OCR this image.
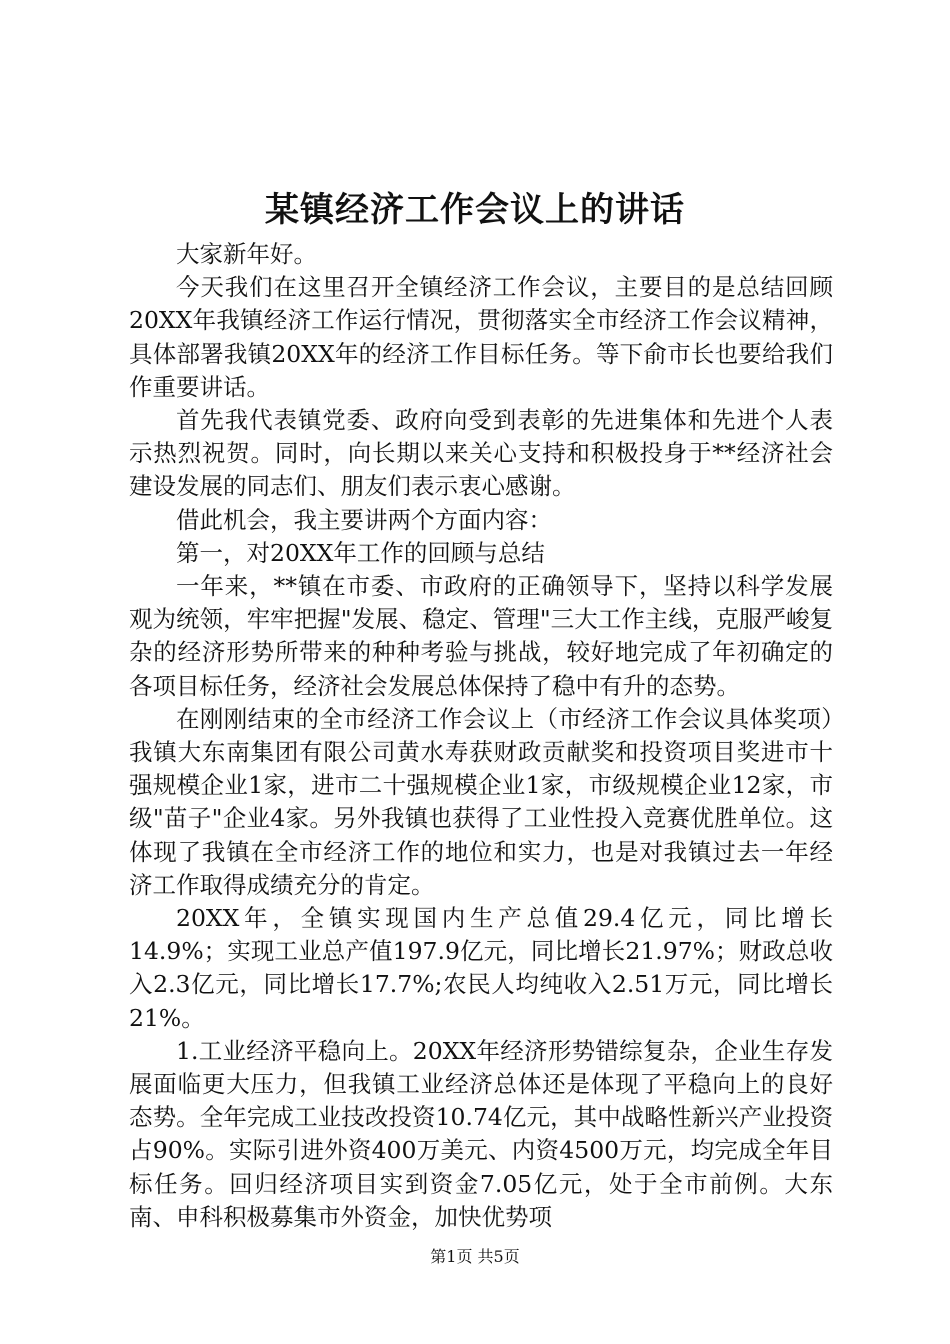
某镇经济工作会议上的讲话

大家新年好。

今天我们在这里召开全镇经济工作会议，主要目的是总结回顾20XX年我镇经济工作运行情况，贯彻落实全市经济工作会议精神，具体部署我镇20XX年的经济工作目标任务。等下俞市长也要给我们作重要讲话。

首先我代表镇党委、政府向受到表彰的先进集体和先进个人表示热烈祝贺。同时，向长期以来关心支持和积极投身于**经济社会建设发展的同志们、朋友们表示衷心感谢。

借此机会，我主要讲两个方面内容：

第一，对20XX年工作的回顾与总结

一年来，**镇在市委、市政府的正确领导下，坚持以科学发展观为统领，牢牢把握"发展、稳定、管理"三大工作主线，克服严峻复杂的经济形势所带来的种种考验与挑战，较好地完成了年初确定的各项目标任务，经济社会发展总体保持了稳中有升的态势。

在刚刚结束的全市经济工作会议上（市经济工作会议具体奖项）我镇大东南集团有限公司黄水寿获财政贡献奖和投资项目奖进市十强规模企业1家，进市二十强规模企业1家，市级规模企业12家，市级"苗子"企业4家。另外我镇也获得了工业性投入竞赛优胜单位。这体现了我镇在全市经济工作的地位和实力，也是对我镇过去一年经济工作取得成绩充分的肯定。

20XX年，全镇实现国内生产总值29.4亿元，同比增长14.9%；实现工业总产值197.9亿元，同比增长21.97%；财政总收入2.3亿元，同比增长17.7%;农民人均纯收入2.51万元，同比增长21%。

1.工业经济平稳向上。20XX年经济形势错综复杂，企业生存发展面临更大压力，但我镇工业经济总体还是体现了平稳向上的良好态势。全年完成工业技改投资10.74亿元，其中战略性新兴产业投资占90%。实际引进外资400万美元、内资4500万元，均完成全年目标任务。回归经济项目实到资金7.05亿元，处于全市前例。大东南、申科积极募集市外资金，加快优势项

第1页 共5页
